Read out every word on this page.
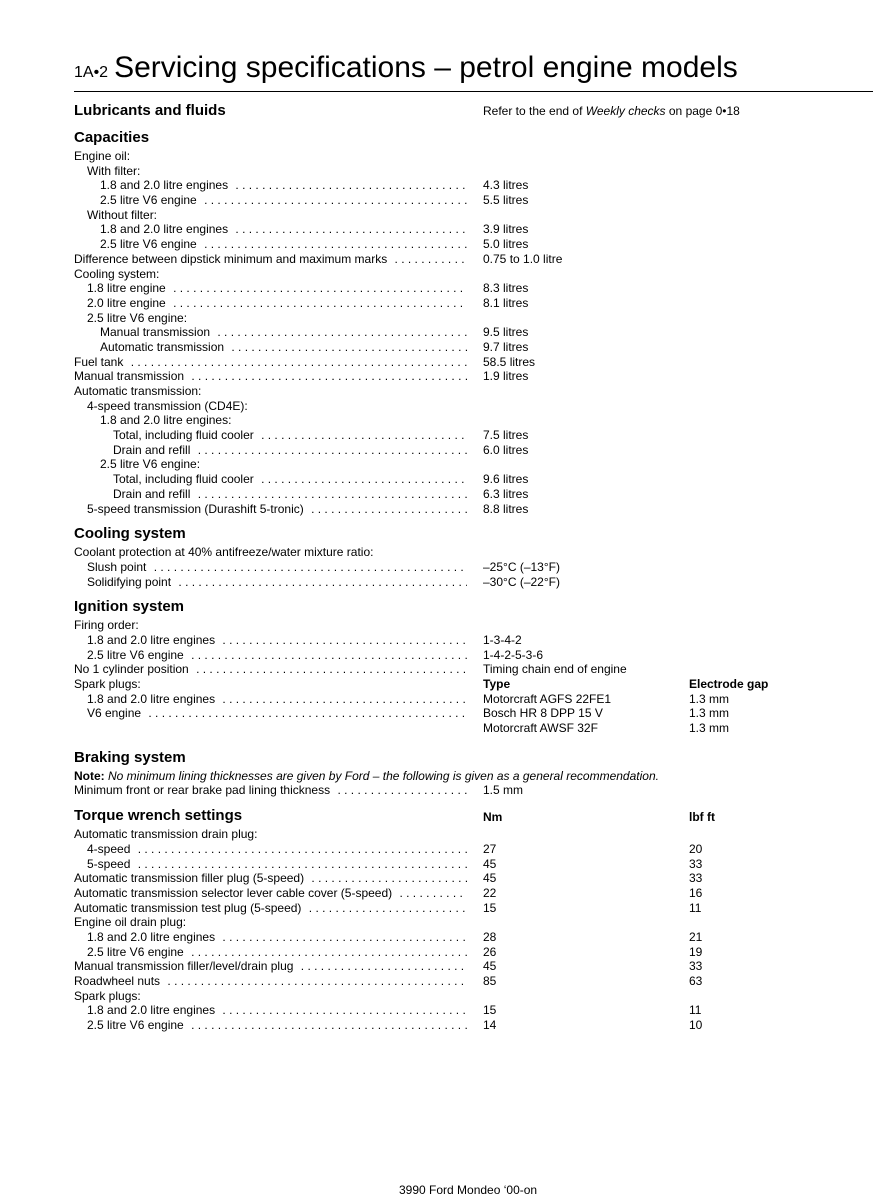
1A•2 Servicing specifications – petrol engine models
Lubricants and fluids	Refer to the end of Weekly checks on page 0•18
Capacities
Engine oil:
With filter:
1.8 and 2.0 litre engines . . .	4.3 litres
2.5 litre V6 engine . . .	5.5 litres
Without filter:
1.8 and 2.0 litre engines . . .	3.9 litres
2.5 litre V6 engine . . .	5.0 litres
Difference between dipstick minimum and maximum marks . . .	0.75 to 1.0 litre
Cooling system:
1.8 litre engine . . .	8.3 litres
2.0 litre engine . . .	8.1 litres
2.5 litre V6 engine:
Manual transmission . . .	9.5 litres
Automatic transmission . . .	9.7 litres
Fuel tank . . .	58.5 litres
Manual transmission . . .	1.9 litres
Automatic transmission:
4-speed transmission (CD4E):
1.8 and 2.0 litre engines:
Total, including fluid cooler . . .	7.5 litres
Drain and refill . . .	6.0 litres
2.5 litre V6 engine:
Total, including fluid cooler . . .	9.6 litres
Drain and refill . . .	6.3 litres
5-speed transmission (Durashift 5-tronic) . . .	8.8 litres
Cooling system
Coolant protection at 40% antifreeze/water mixture ratio:
Slush point . . .	–25°C (–13°F)
Solidifying point . . .	–30°C (–22°F)
Ignition system
Firing order:
1.8 and 2.0 litre engines . . .	1-3-4-2
2.5 litre V6 engine . . .	1-4-2-5-3-6
No 1 cylinder position . . .	Timing chain end of engine
Spark plugs:	Type	Electrode gap
1.8 and 2.0 litre engines . . .	Motorcraft AGFS 22FE1	1.3 mm
V6 engine . . .	Bosch HR 8 DPP 15 V	1.3 mm
Motorcraft AWSF 32F	1.3 mm
Braking system
Note: No minimum lining thicknesses are given by Ford – the following is given as a general recommendation.
Minimum front or rear brake pad lining thickness . . .	1.5 mm
Torque wrench settings	Nm	lbf ft
Automatic transmission drain plug:
4-speed . . .	27	20
5-speed . . .	45	33
Automatic transmission filler plug (5-speed) . . .	45	33
Automatic transmission selector lever cable cover (5-speed) . . .	22	16
Automatic transmission test plug (5-speed) . . .	15	11
Engine oil drain plug:
1.8 and 2.0 litre engines . . .	28	21
2.5 litre V6 engine . . .	26	19
Manual transmission filler/level/drain plug . . .	45	33
Roadwheel nuts . . .	85	63
Spark plugs:
1.8 and 2.0 litre engines . . .	15	11
2.5 litre V6 engine . . .	14	10
3990 Ford Mondeo ‘00-on
